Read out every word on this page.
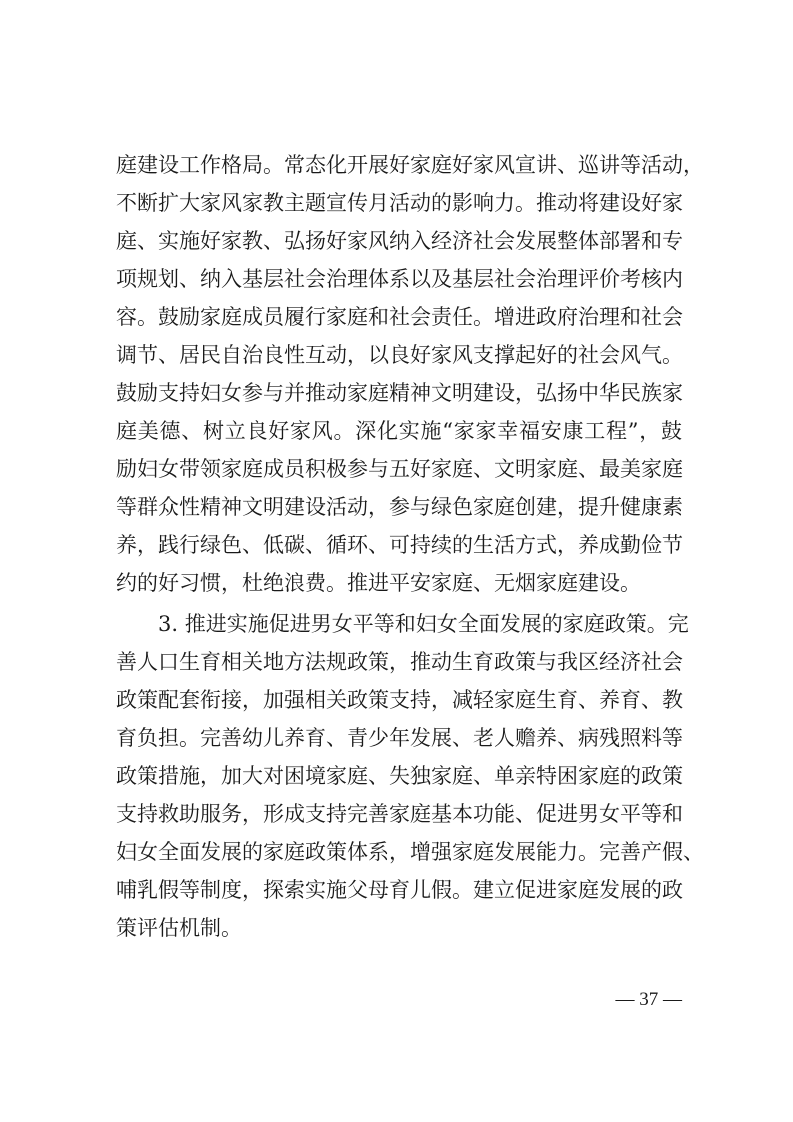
庭建设工作格局。常态化开展好家庭好家风宣讲、巡讲等活动，
不断扩大家风家教主题宣传月活动的影响力。推动将建设好家
庭、实施好家教、弘扬好家风纳入经济社会发展整体部署和专
项规划、纳入基层社会治理体系以及基层社会治理评价考核内
容。鼓励家庭成员履行家庭和社会责任。增进政府治理和社会
调节、居民自治良性互动，以良好家风支撑起好的社会风气。
鼓励支持妇女参与并推动家庭精神文明建设，弘扬中华民族家
庭美德、树立良好家风。深化实施“家家幸福安康工程”，鼓
励妇女带领家庭成员积极参与五好家庭、文明家庭、最美家庭
等群众性精神文明建设活动，参与绿色家庭创建，提升健康素
养，践行绿色、低碳、循环、可持续的生活方式，养成勤俭节
约的好习惯，杜绝浪费。推进平安家庭、无烟家庭建设。
3. 推进实施促进男女平等和妇女全面发展的家庭政策。完
善人口生育相关地方法规政策，推动生育政策与我区经济社会
政策配套衔接，加强相关政策支持，减轻家庭生育、养育、教
育负担。完善幼儿养育、青少年发展、老人赡养、病残照料等
政策措施，加大对困境家庭、失独家庭、单亲特困家庭的政策
支持救助服务，形成支持完善家庭基本功能、促进男女平等和
妇女全面发展的家庭政策体系，增强家庭发展能力。完善产假、
哺乳假等制度，探索实施父母育儿假。建立促进家庭发展的政
策评估机制。
— 37 —
